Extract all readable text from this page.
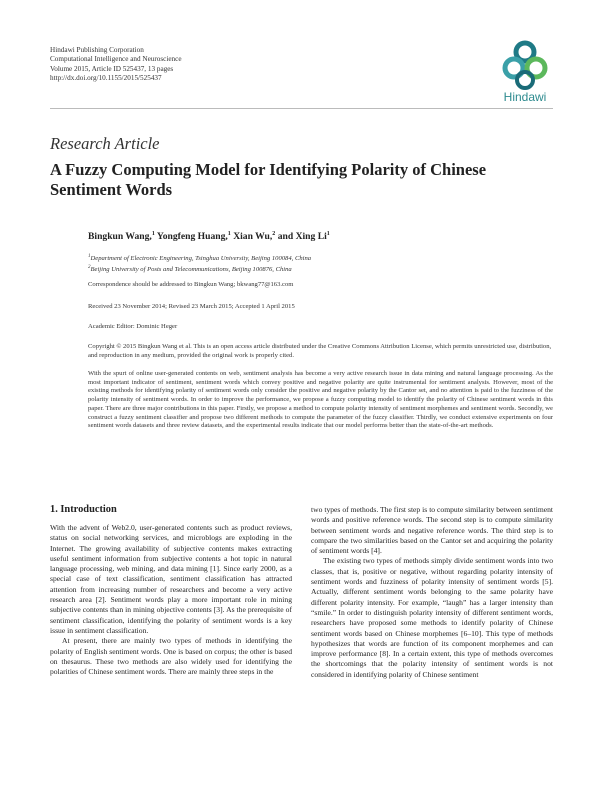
Hindawi Publishing Corporation
Computational Intelligence and Neuroscience
Volume 2015, Article ID 525437, 13 pages
http://dx.doi.org/10.1155/2015/525437
Hindawi
Research Article
A Fuzzy Computing Model for Identifying Polarity of Chinese Sentiment Words
Bingkun Wang,$^1$ Yongfeng Huang,$^1$ Xian Wu,$^2$ and Xing Li$^1$
$^1$Department of Electronic Engineering, Tsinghua University, Beijing 100084, China
$^2$Beijing University of Posts and Telecommunications, Beijing 100876, China
Correspondence should be addressed to Bingkun Wang; bkwang77@163.com
Received 23 November 2014; Revised 23 March 2015; Accepted 1 April 2015
Academic Editor: Dominic Heger
Copyright © 2015 Bingkun Wang et al. This is an open access article distributed under the Creative Commons Attribution License, which permits unrestricted use, distribution, and reproduction in any medium, provided the original work is properly cited.
With the spurt of online user-generated contents on web, sentiment analysis has become a very active research issue in data mining and natural language processing. As the most important indicator of sentiment, sentiment words which convey positive and negative polarity are quite instrumental for sentiment analysis. However, most of the existing methods for identifying polarity of sentiment words only consider the positive and negative polarity by the Cantor set, and no attention is paid to the fuzziness of the polarity intensity of sentiment words. In order to improve the performance, we propose a fuzzy computing model to identify the polarity of Chinese sentiment words in this paper. There are three major contributions in this paper. Firstly, we propose a method to compute polarity intensity of sentiment morphemes and sentiment words. Secondly, we construct a fuzzy sentiment classifier and propose two different methods to compute the parameter of the fuzzy classifier. Thirdly, we conduct extensive experiments on four sentiment words datasets and three review datasets, and the experimental results indicate that our model performs better than the state-of-the-art methods.
1. Introduction

With the advent of Web2.0, user-generated contents such as product reviews, status on social networking services, and microblogs are exploding in the Internet. The growing availability of subjective contents makes extracting useful sentiment information from subjective contents a hot topic in natural language processing, web mining, and data mining [1]. Since early 2000, as a special case of text classification, sentiment classification has attracted attention from increasing number of researchers and become a very active research area [2]. Sentiment words play a more important role in mining subjective contents than in mining objective contents [3]. As the prerequisite of sentiment classification, identifying the polarity of sentiment words is a key issue in sentiment classification.

At present, there are mainly two types of methods in identifying the polarity of English sentiment words. One is based on corpus; the other is based on thesaurus. These two methods are also widely used for identifying the polarities of Chinese sentiment words. There are mainly three steps in the

two types of methods. The first step is to compute similarity between sentiment words and positive reference words. The second step is to compute similarity between sentiment words and negative reference words. The third step is to compare the two similarities based on the Cantor set and acquiring the polarity of sentiment words [4].

The existing two types of methods simply divide sentiment words into two classes, that is, positive or negative, without regarding polarity intensity of sentiment words and fuzziness of polarity intensity of sentiment words [5]. Actually, different sentiment words belonging to the same polarity have different polarity intensity. For example, “laugh” has a larger intensity than “smile.” In order to distinguish polarity intensity of different sentiment words, researchers have proposed some methods to identify polarity of Chinese sentiment words based on Chinese morphemes [6–10]. This type of methods hypothesizes that words are function of its component morphemes and can improve performance [8]. In a certain extent, this type of methods overcomes the shortcomings that the polarity intensity of sentiment words is not considered in identifying polarity of Chinese sentiment
